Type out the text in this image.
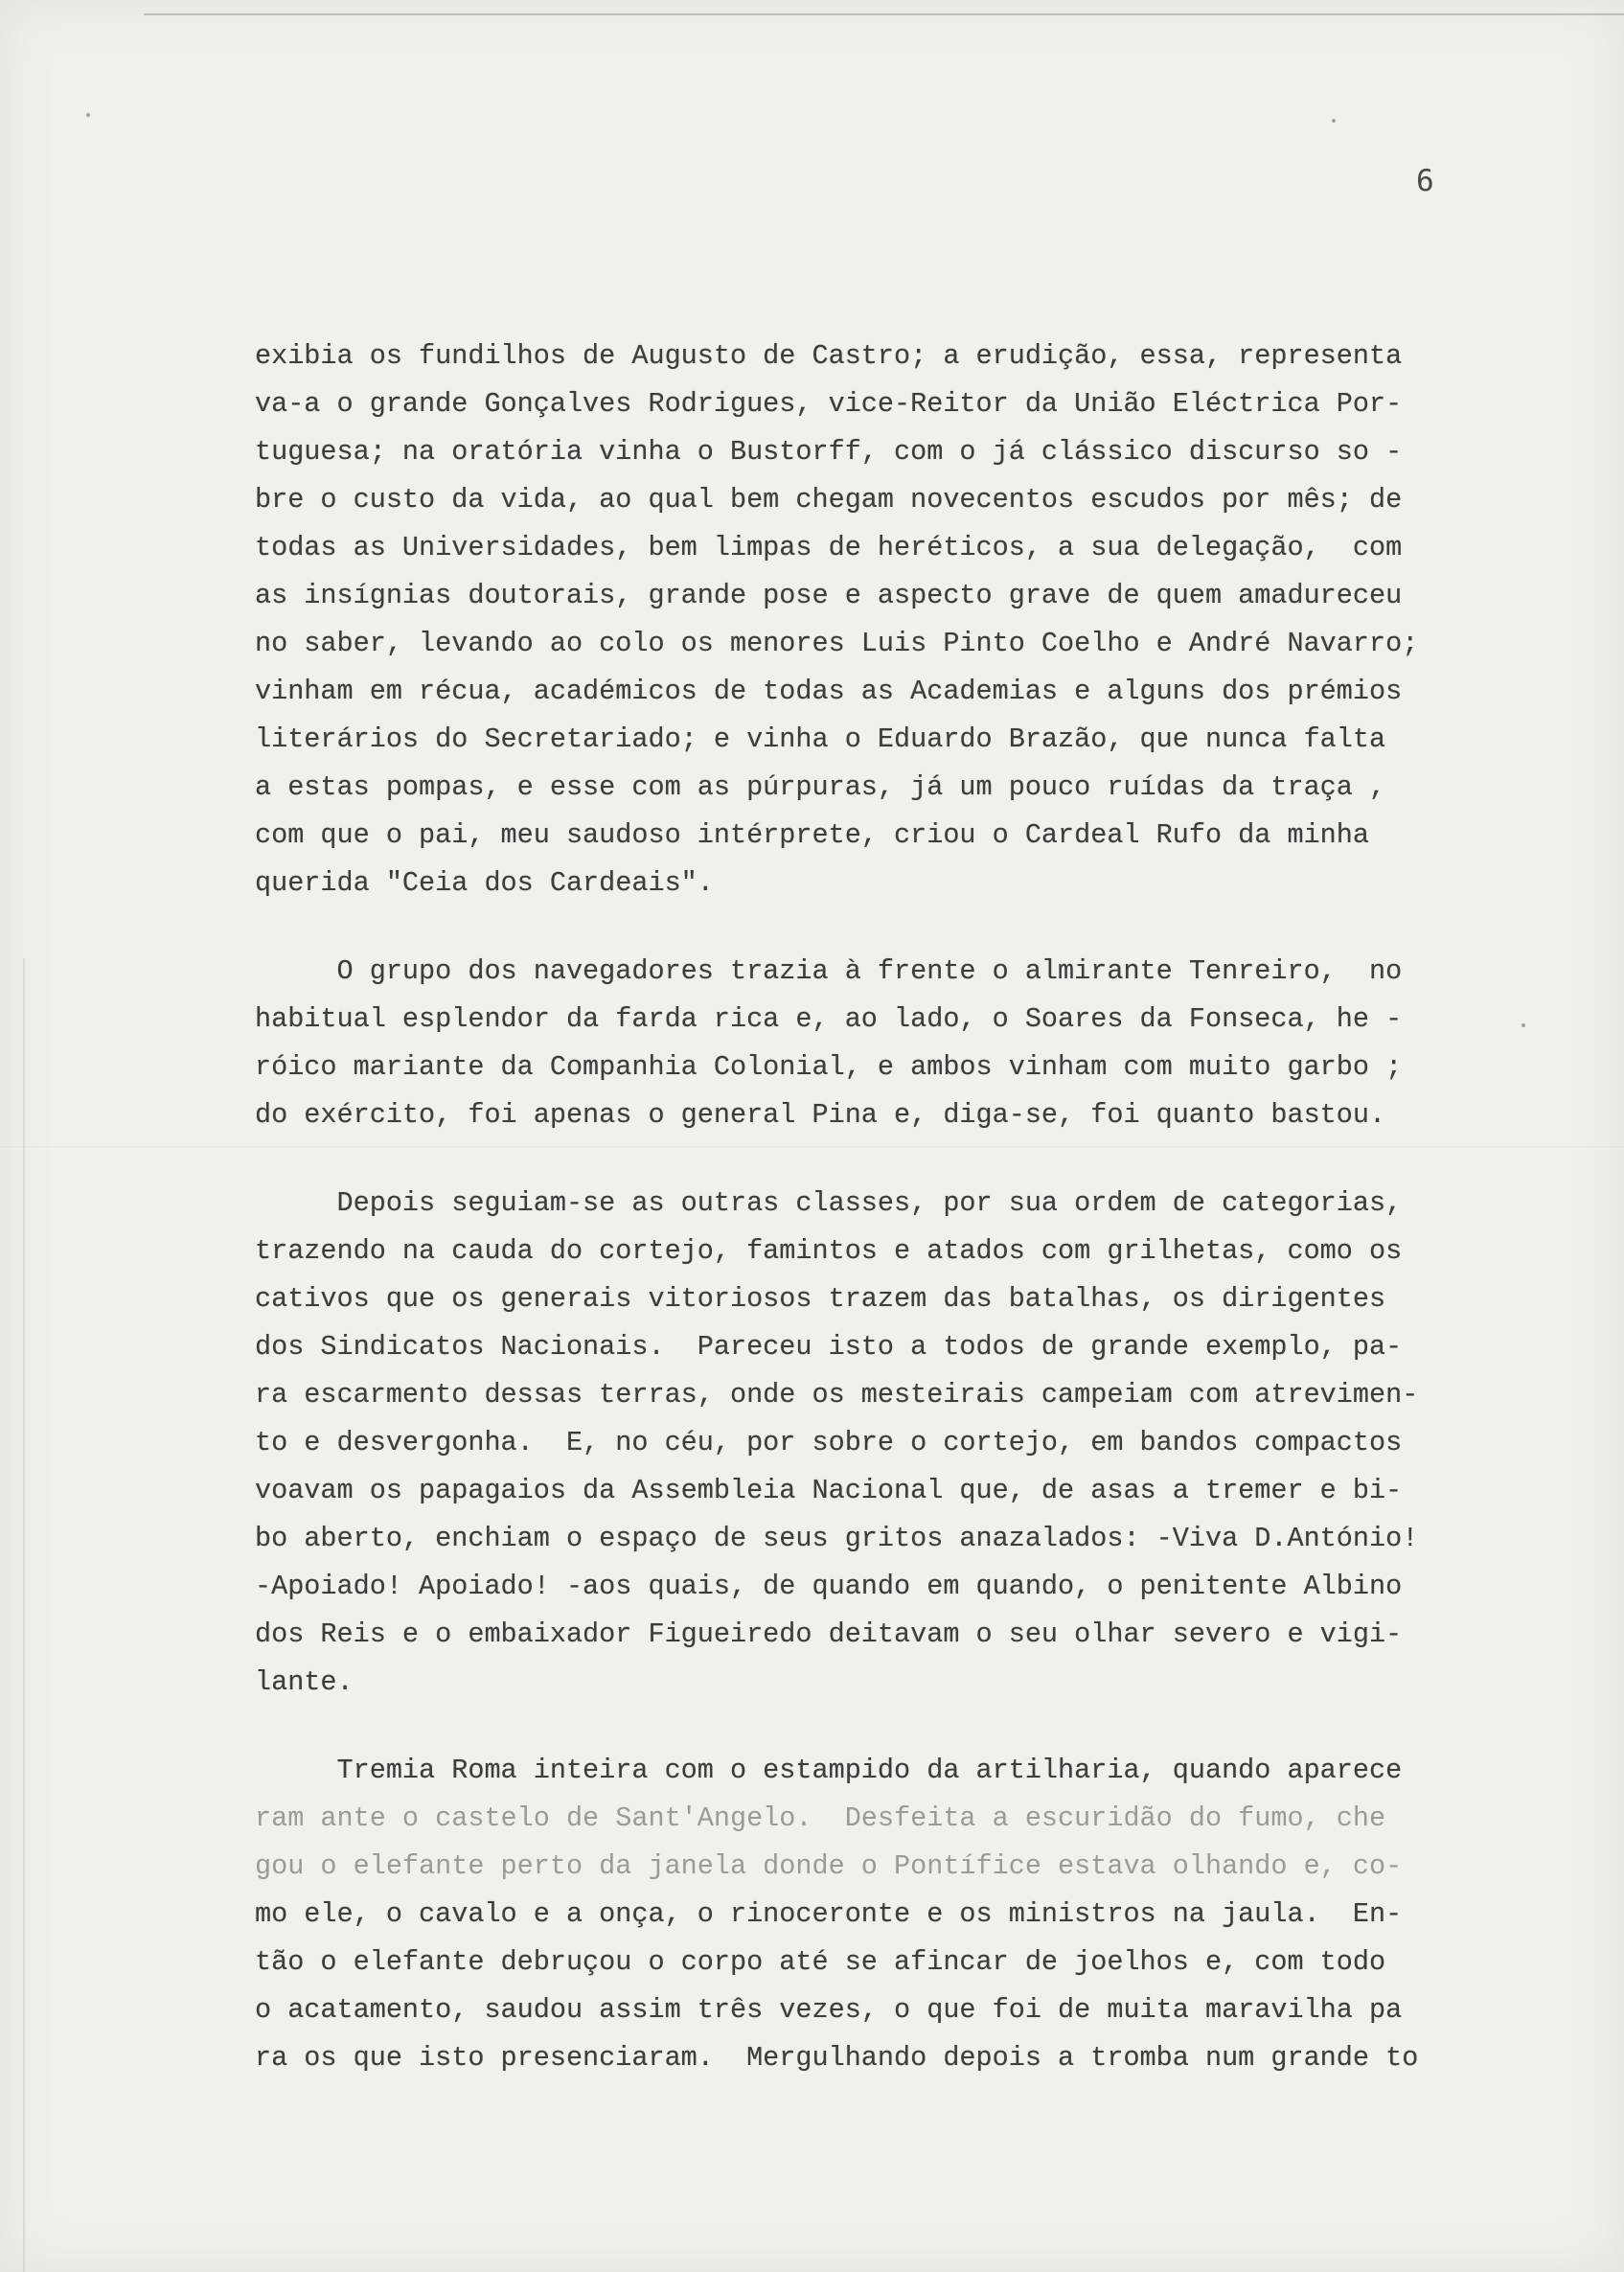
6

exibia os fundilhos de Augusto de Castro; a erudição, essa, representa

va-a o grande Gonçalves Rodrigues, vice-Reitor da União Eléctrica Por-

tuguesa; na oratória vinha o Bustorff, com o já clássico discurso so -

bre o custo da vida, ao qual bem chegam novecentos escudos por mês; de

todas as Universidades, bem limpas de heréticos, a sua delegação,  com

as insígnias doutorais, grande pose e aspecto grave de quem amadureceu

no saber, levando ao colo os menores Luis Pinto Coelho e André Navarro;

vinham em récua, académicos de todas as Academias e alguns dos prémios

literários do Secretariado; e vinha o Eduardo Brazão, que nunca falta

a estas pompas, e esse com as púrpuras, já um pouco ruídas da traça ,

com que o pai, meu saudoso intérprete, criou o Cardeal Rufo da minha

querida "Ceia dos Cardeais".

O grupo dos navegadores trazia à frente o almirante Tenreiro,  no

habitual esplendor da farda rica e, ao lado, o Soares da Fonseca, he -

róico mariante da Companhia Colonial, e ambos vinham com muito garbo ;

do exército, foi apenas o general Pina e, diga-se, foi quanto bastou.

Depois seguiam-se as outras classes, por sua ordem de categorias,

trazendo na cauda do cortejo, famintos e atados com grilhetas, como os

cativos que os generais vitoriosos trazem das batalhas, os dirigentes

dos Sindicatos Nacionais.  Pareceu isto a todos de grande exemplo, pa-

ra escarmento dessas terras, onde os mesteirais campeiam com atrevimen-

to e desvergonha.  E, no céu, por sobre o cortejo, em bandos compactos

voavam os papagaios da Assembleia Nacional que, de asas a tremer e bi-

bo aberto, enchiam o espaço de seus gritos anazalados: -Viva D.António!

-Apoiado! Apoiado! -aos quais, de quando em quando, o penitente Albino

dos Reis e o embaixador Figueiredo deitavam o seu olhar severo e vigi-

lante.

Tremia Roma inteira com o estampido da artilharia, quando aparece

ram ante o castelo de Sant'Angelo.  Desfeita a escuridão do fumo, che

gou o elefante perto da janela donde o Pontífice estava olhando e, co-

mo ele, o cavalo e a onça, o rinoceronte e os ministros na jaula.  En-

tão o elefante debruçou o corpo até se afincar de joelhos e, com todo

o acatamento, saudou assim três vezes, o que foi de muita maravilha pa

ra os que isto presenciaram.  Mergulhando depois a tromba num grande to
